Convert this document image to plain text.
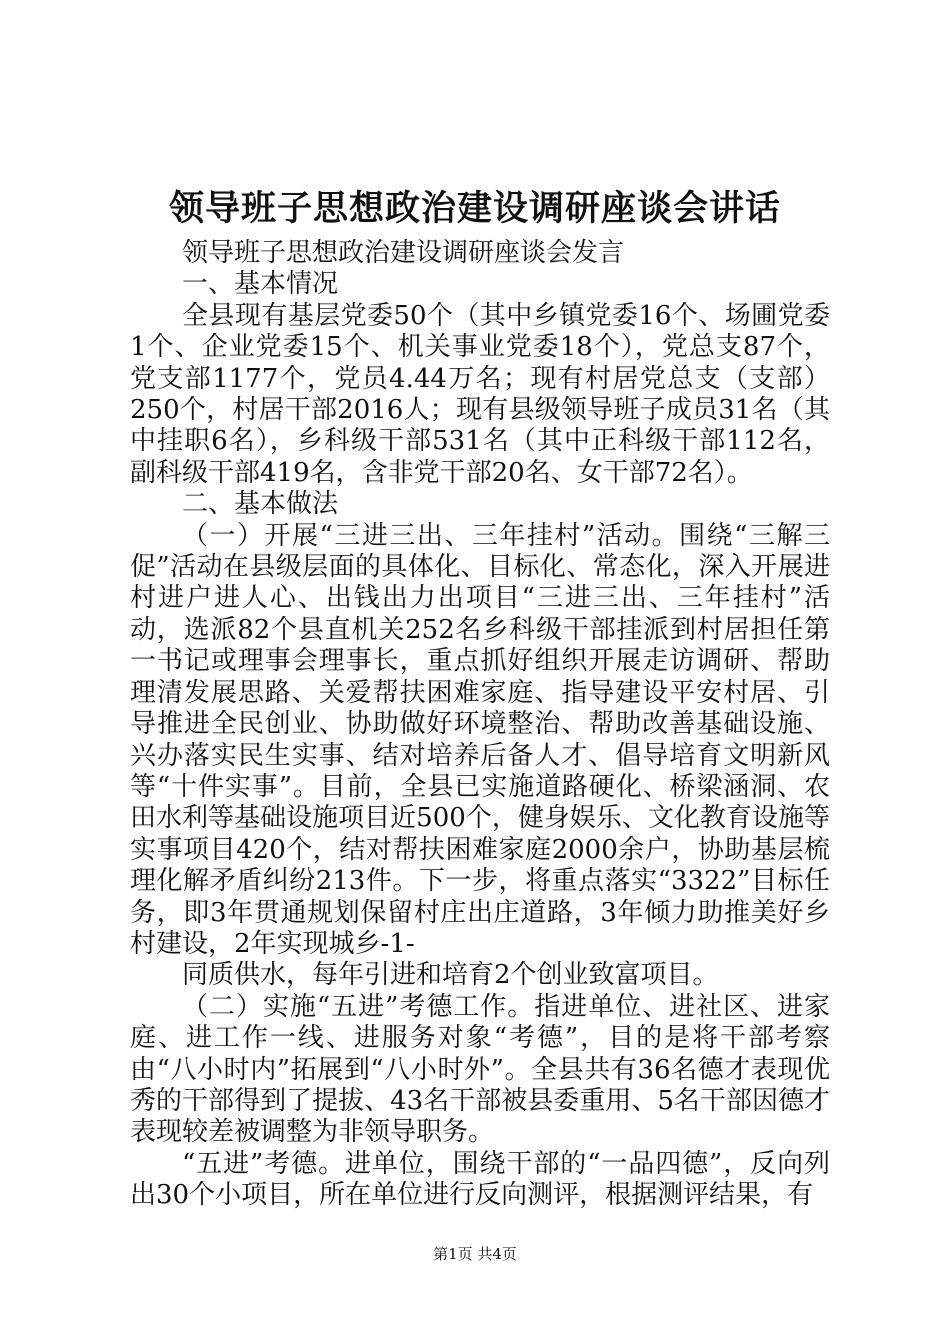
领导班子思想政治建设调研座谈会讲话

领导班子思想政治建设调研座谈会发言

一、基本情况

全县现有基层党委50个（其中乡镇党委16个、场圃党委1个、企业党委15个、机关事业党委18个），党总支87个，党支部1177个，党员4.44万名；现有村居党总支（支部）250个，村居干部2016人；现有县级领导班子成员31名（其中挂职6名），乡科级干部531名（其中正科级干部112名，副科级干部419名，含非党干部20名、女干部72名）。

二、基本做法

（一）开展“三进三出、三年挂村”活动。围绕“三解三促”活动在县级层面的具体化、目标化、常态化，深入开展进村进户进人心、出钱出力出项目“三进三出、三年挂村”活动，选派82个县直机关252名乡科级干部挂派到村居担任第一书记或理事会理事长，重点抓好组织开展走访调研、帮助理清发展思路、关爱帮扶困难家庭、指导建设平安村居、引导推进全民创业、协助做好环境整治、帮助改善基础设施、兴办落实民生实事、结对培养后备人才、倡导培育文明新风等“十件实事”。目前，全县已实施道路硬化、桥梁涵洞、农田水利等基础设施项目近500个，健身娱乐、文化教育设施等实事项目420个，结对帮扶困难家庭2000余户，协助基层梳理化解矛盾纠纷213件。下一步，将重点落实“3322”目标任务，即3年贯通规划保留村庄出庄道路，3年倾力助推美好乡村建设，2年实现城乡-1-

同质供水，每年引进和培育2个创业致富项目。

（二）实施“五进”考德工作。指进单位、进社区、进家庭、进工作一线、进服务对象“考德”，目的是将干部考察由“八小时内”拓展到“八小时外”。全县共有36名德才表现优秀的干部得到了提拔、43名干部被县委重用、5名干部因德才表现较差被调整为非领导职务。

“五进”考德。进单位，围绕干部的“一品四德”，反向列出30个小项目，所在单位进行反向测评，根据测评结果，有

第1页 共4页
